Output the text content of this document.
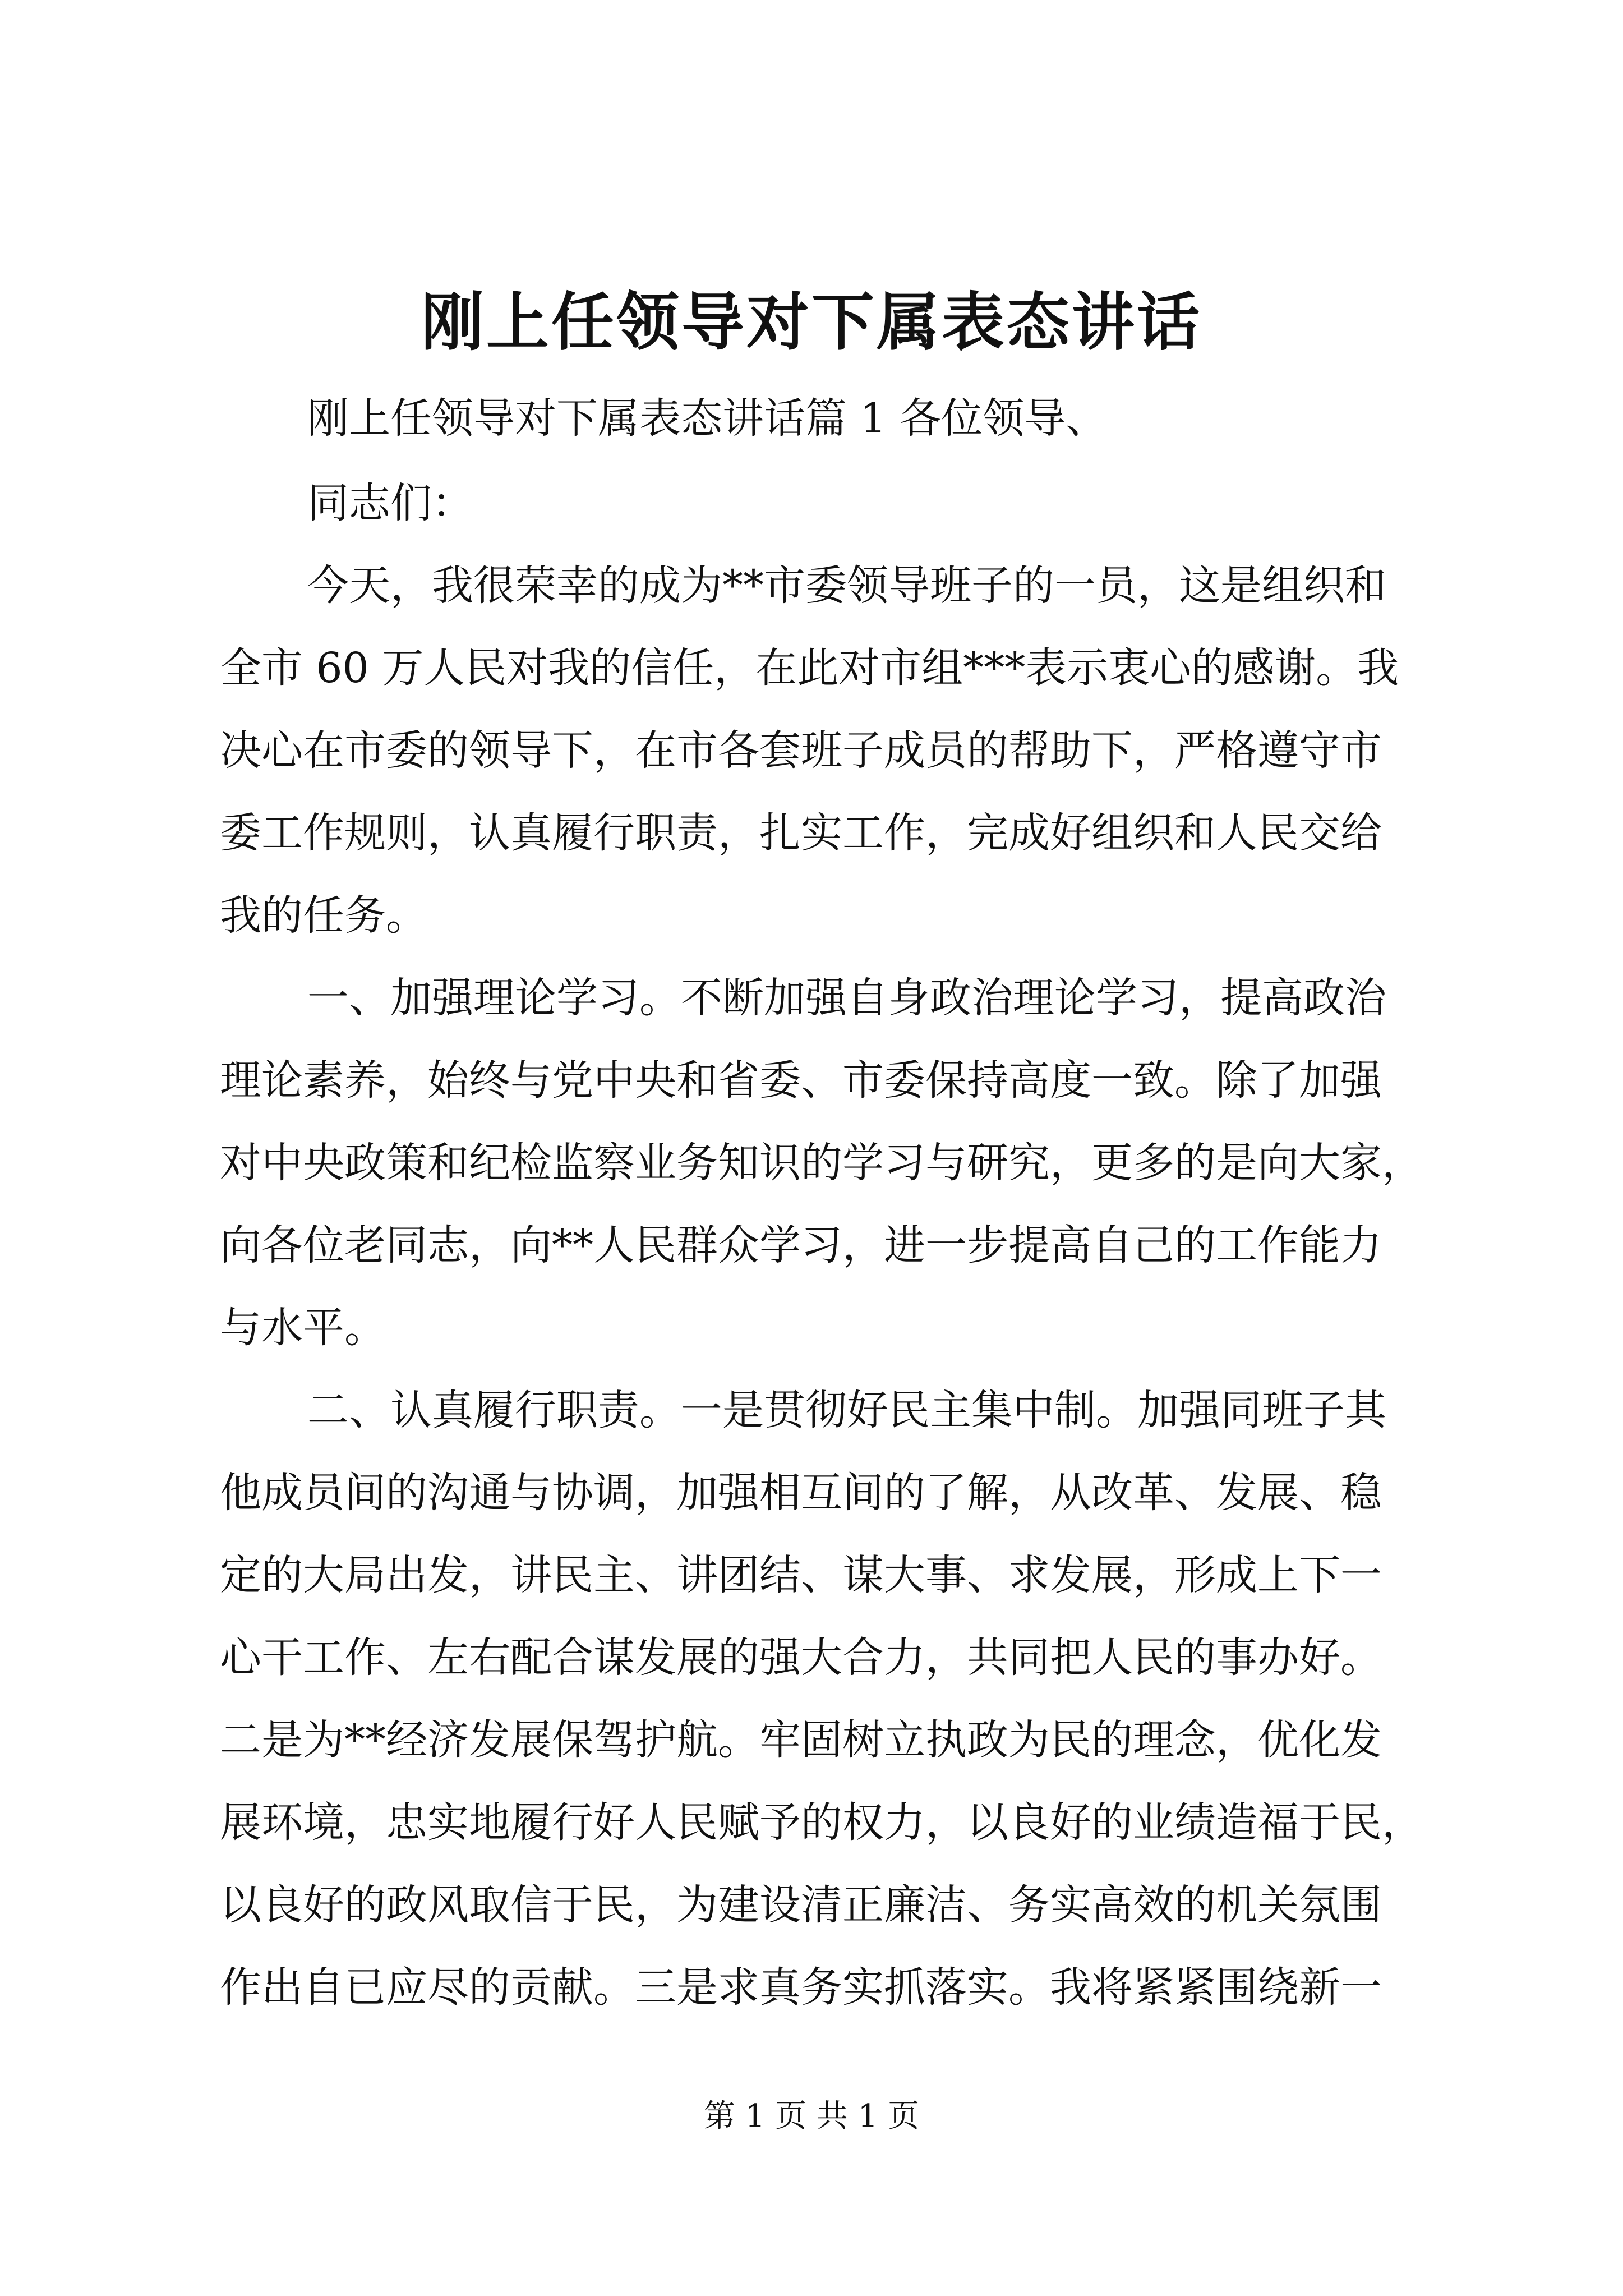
刚上任领导对下属表态讲话

刚上任领导对下属表态讲话篇 1 各位领导、

同志们：

今天，我很荣幸的成为**市委领导班子的一员，这是组织和

全市 60 万人民对我的信任，在此对市组***表示衷心的感谢。我

决心在市委的领导下，在市各套班子成员的帮助下，严格遵守市

委工作规则，认真履行职责，扎实工作，完成好组织和人民交给

我的任务。

一、加强理论学习。不断加强自身政治理论学习，提高政治

理论素养，始终与党中央和省委、市委保持高度一致。除了加强

对中央政策和纪检监察业务知识的学习与研究，更多的是向大家，

向各位老同志，向**人民群众学习，进一步提高自己的工作能力

与水平。

二、认真履行职责。一是贯彻好民主集中制。加强同班子其

他成员间的沟通与协调，加强相互间的了解，从改革、发展、稳

定的大局出发，讲民主、讲团结、谋大事、求发展，形成上下一

心干工作、左右配合谋发展的强大合力，共同把人民的事办好。

二是为**经济发展保驾护航。牢固树立执政为民的理念，优化发

展环境，忠实地履行好人民赋予的权力，以良好的业绩造福于民，

以良好的政风取信于民，为建设清正廉洁、务实高效的机关氛围

作出自已应尽的贡献。三是求真务实抓落实。我将紧紧围绕新一

第 1 页 共 1 页
